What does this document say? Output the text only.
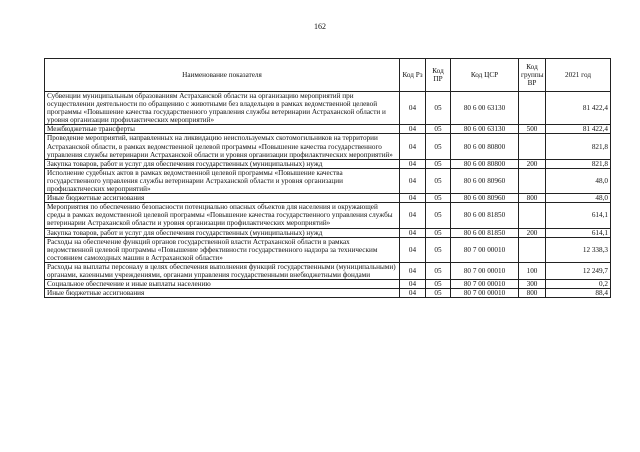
162
Наименование показателя	Код Рз	Код ПР	Код ЦСР	Код группы ВР	2021 год
Субвенции муниципальным образованиям Астраханской области на организацию мероприятий при осуществлении деятельности по обращению с животными без владельцев в рамках ведомственной целевой программы «Повышение качества государственного управления службы ветеринарии Астраханской области и уровня организации профилактических мероприятий»	04	05	80 6 00 63130		81 422,4
Межбюджетные трансферты	04	05	80 6 00 63130	500	81 422,4
Проведение мероприятий, направленных на ликвидацию неиспользуемых скотомогильников на территории Астраханской области, в рамках ведомственной целевой программы «Повышение качества государственного управления службы ветеринарии Астраханской области и уровня организации профилактических мероприятий»	04	05	80 6 00 80800		821,8
Закупка товаров, работ и услуг для обеспечения государственных (муниципальных) нужд	04	05	80 6 00 80800	200	821,8
Исполнение судебных актов в рамках ведомственной целевой программы «Повышение качества государственного управления службы ветеринарии Астраханской области и уровня организации профилактических мероприятий»	04	05	80 6 00 80960		48,0
Иные бюджетные ассигнования	04	05	80 6 00 80960	800	48,0
Мероприятия по обеспечению безопасности потенциально опасных объектов для населения и окружающей среды в рамках ведомственной целевой программы «Повышение качества государственного управления службы ветеринарии Астраханской области и уровня организации профилактических мероприятий»	04	05	80 6 00 81850		614,1
Закупка товаров, работ и услуг для обеспечения государственных (муниципальных) нужд	04	05	80 6 00 81850	200	614,1
Расходы на обеспечение функций органов государственной власти Астраханской области в рамках ведомственной целевой программы «Повышение эффективности государственного надзора за техническим состоянием самоходных машин в Астраханской области»	04	05	80 7 00 00010		12 338,3
Расходы на выплаты персоналу в целях обеспечения выполнения функций государственными (муниципальными) органами, казенными учреждениями, органами управления государственными внебюджетными фондами	04	05	80 7 00 00010	100	12 249,7
Социальное обеспечение и иные выплаты населению	04	05	80 7 00 00010	300	0,2
Иные бюджетные ассигнования	04	05	80 7 00 00010	800	88,4
